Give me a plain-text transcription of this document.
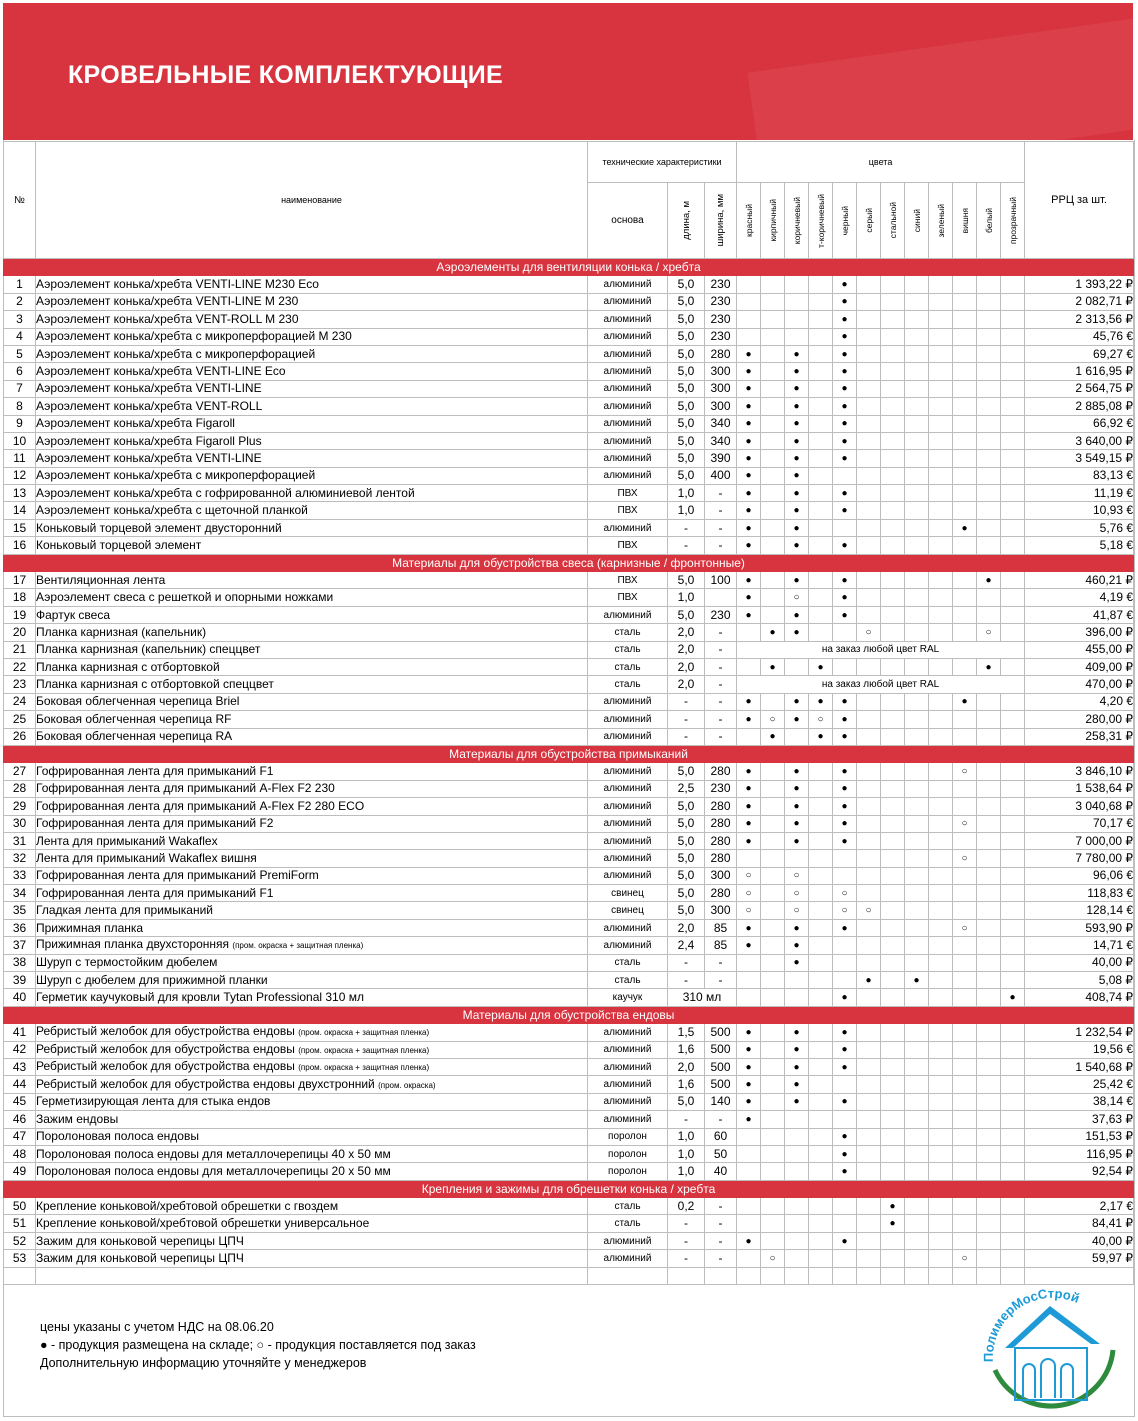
КРОВЕЛЬНЫЕ КОМПЛЕКТУЮЩИЕ
№	наименование	технические характеристики			цвета												РРЦ за шт.
		основа	длина, м	ширина, мм	красный	кирпичный	коричневый	т-коричневый	черный	серый	стальной	синий	зеленый	вишня	белый	прозрачный	

Аэроэлементы для вентиляции конька / хребта																	
1	Аэроэлемент конька/хребта VENTI-LINE M230 Eco	алюминий	5,0	230					●								1 393,22 ₽
2	Аэроэлемент конька/хребта VENTI-LINE M 230	алюминий	5,0	230					●								2 082,71 ₽
3	Аэроэлемент конька/хребта VENT-ROLL M 230	алюминий	5,0	230					●								2 313,56 ₽
4	Аэроэлемент конька/хребта с микроперфорацией M 230	алюминий	5,0	230					●								45,76 €
5	Аэроэлемент конька/хребта с микроперфорацией	алюминий	5,0	280	●		●		●								69,27 €
6	Аэроэлемент конька/хребта VENTI-LINE Eco	алюминий	5,0	300	●		●		●								1 616,95 ₽
7	Аэроэлемент конька/хребта VENTI-LINE	алюминий	5,0	300	●		●		●								2 564,75 ₽
8	Аэроэлемент конька/хребта VENT-ROLL	алюминий	5,0	300	●		●		●								2 885,08 ₽
9	Аэроэлемент конька/хребта Figaroll	алюминий	5,0	340	●		●		●								66,92 €
10	Аэроэлемент конька/хребта Figaroll Plus	алюминий	5,0	340	●		●		●								3 640,00 ₽
11	Аэроэлемент конька/хребта VENTI-LINE	алюминий	5,0	390	●		●		●								3 549,15 ₽
12	Аэроэлемент конька/хребта с микроперфорацией	алюминий	5,0	400	●		●										83,13 €
13	Аэроэлемент конька/хребта с гофрированной алюминиевой лентой	ПВХ	1,0	-	●		●		●								11,19 €
14	Аэроэлемент конька/хребта с щеточной планкой	ПВХ	1,0	-	●		●		●								10,93 €
15	Коньковый торцевой элемент двусторонний	алюминий	-	-	●		●							●			5,76 €
16	Коньковый торцевой элемент	ПВХ	-	-	●		●		●								5,18 €
Материалы для обустройства свеса (карнизные / фронтонные)																	
17	Вентиляционная лента	ПВХ	5,0	100	●		●		●						●		460,21 ₽
18	Аэроэлемент свеса с решеткой и опорными ножками	ПВХ	1,0		●		○		●								4,19 €
19	Фартук свеса	алюминий	5,0	230	●		●		●								41,87 €
20	Планка карнизная (капельник)	сталь	2,0	-		●	●			○					○		396,00 ₽
21	Планка карнизная (капельник) спеццвет	сталь	2,0	-	на заказ любой цвет RAL												455,00 ₽
22	Планка карнизная с отбортовкой	сталь	2,0	-		●		●							●		409,00 ₽
23	Планка карнизная с отбортовкой спеццвет	сталь	2,0	-	на заказ любой цвет RAL												470,00 ₽
24	Боковая облегченная черепица Briel	алюминий	-	-	●		●	●	●					●			4,20 €
25	Боковая облегченная черепица RF	алюминий	-	-	●	○	●	○	●								280,00 ₽
26	Боковая облегченная черепица RA	алюминий	-	-		●		●	●								258,31 ₽
Материалы для обустройства примыканий																	
27	Гофрированная лента для примыканий F1	алюминий	5,0	280	●		●		●					○			3 846,10 ₽
28	Гофрированная лента для примыканий A-Flex F2 230	алюминий	2,5	230	●		●		●								1 538,64 ₽
29	Гофрированная лента для примыканий A-Flex F2 280 ECO	алюминий	5,0	280	●		●		●								3 040,68 ₽
30	Гофрированная лента для примыканий F2	алюминий	5,0	280	●		●		●					○			70,17 €
31	Лента для примыканий Wakaflex	алюминий	5,0	280	●		●		●								7 000,00 ₽
32	Лента для примыканий Wakaflex вишня	алюминий	5,0	280										○			7 780,00 ₽
33	Гофрированная лента для примыканий PremiForm	алюминий	5,0	300	○		○										96,06 €
34	Гофрированная лента для примыканий F1	свинец	5,0	280	○		○		○								118,83 €
35	Гладкая лента для примыканий	свинец	5,0	300	○		○		○	○							128,14 €
36	Прижимная планка	алюминий	2,0	85	●		●		●					○			593,90 ₽
37	Прижимная планка двухсторонняя (пром. окраска + защитная пленка)	алюминий	2,4	85	●		●										14,71 €
38	Шуруп с термостойким дюбелем	сталь	-	-			●										40,00 ₽
39	Шуруп с дюбелем для прижимной планки	сталь	-	-						●		●					5,08 ₽
40	Герметик каучуковый для кровли Tytan Professional 310 мл	каучук	310 мл						●							●	408,74 ₽
Материалы для обустройства ендовы																	
41	Ребристый желобок для обустройства ендовы (пром. окраска + защитная пленка)	алюминий	1,5	500	●		●		●								1 232,54 ₽
42	Ребристый желобок для обустройства ендовы (пром. окраска + защитная пленка)	алюминий	1,6	500	●		●		●								19,56 €
43	Ребристый желобок для обустройства ендовы (пром. окраска + защитная пленка)	алюминий	2,0	500	●		●		●								1 540,68 ₽
44	Ребристый желобок для обустройства ендовы двухстронний (пром. окраска)	алюминий	1,6	500	●		●										25,42 €
45	Герметизирующая лента для стыка ендов	алюминий	5,0	140	●		●		●								38,14 €
46	Зажим ендовы	алюминий	-	-	●												37,63 ₽
47	Поролоновая полоса ендовы	поролон	1,0	60					●								151,53 ₽
48	Поролоновая полоса ендовы для металлочерепицы 40 х 50 мм	поролон	1,0	50					●								116,95 ₽
49	Поролоновая полоса ендовы для металлочерепицы 20 х 50 мм	поролон	1,0	40					●								92,54 ₽
Крепления и зажимы для обрешетки конька / хребта																	
50	Крепление коньковой/хребтовой обрешетки с гвоздем	сталь	0,2	-							●						2,17 €
51	Крепление коньковой/хребтовой обрешетки универсальное	сталь	-	-							●						84,41 ₽
52	Зажим для коньковой черепицы ЦПЧ	алюминий	-	-	●				●								40,00 ₽
53	Зажим для коньковой черепицы ЦПЧ	алюминий	-	-		○								○			59,97 ₽

цены указаны с учетом НДС на 08.06.20
● - продукция размещена на складе; ○ - продукция поставляется под заказ
Дополнительную информацию уточняйте у менеджеров	ПолимерМосСтрой
